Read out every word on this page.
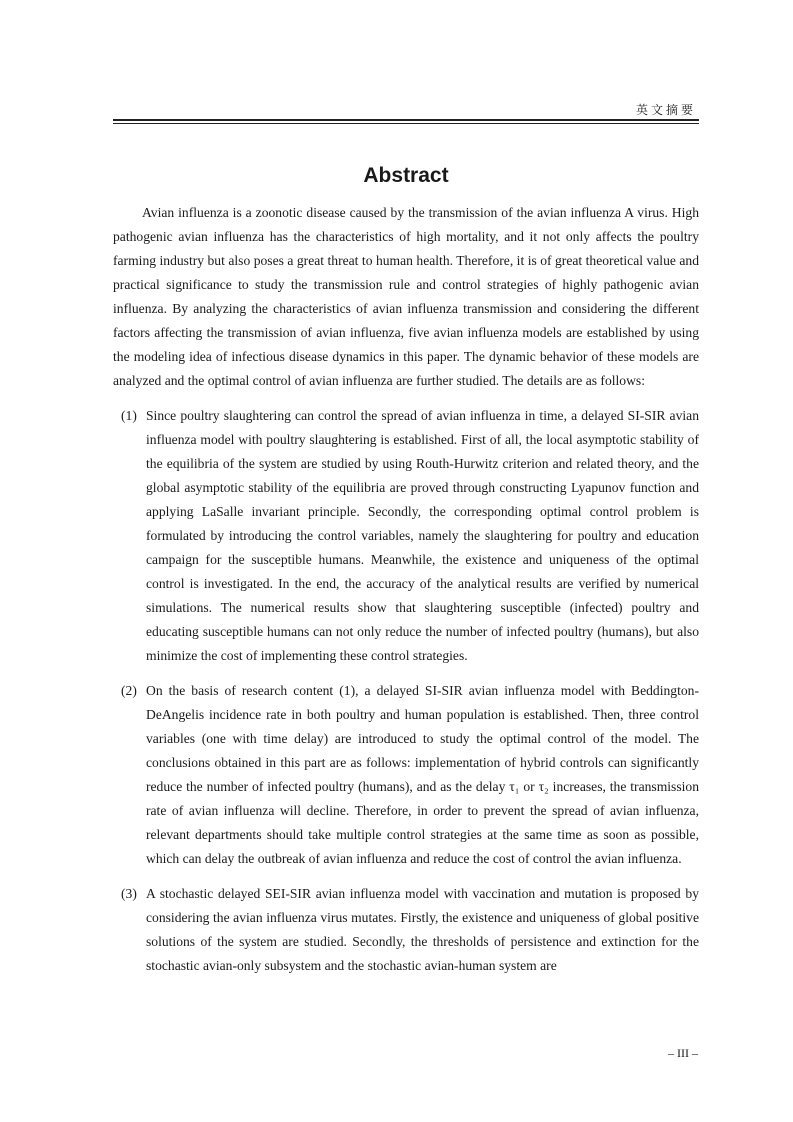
英文摘要
Abstract

Avian influenza is a zoonotic disease caused by the transmission of the avian influenza A virus. High pathogenic avian influenza has the characteristics of high mortality, and it not only affects the poultry farming industry but also poses a great threat to human health. Therefore, it is of great theoretical value and practical significance to study the transmission rule and control strategies of highly pathogenic avian influenza. By analyzing the characteristics of avian influenza transmission and considering the different factors affecting the transmission of avian influenza, five avian influenza models are established by using the modeling idea of infectious disease dynamics in this paper. The dynamic behavior of these models are analyzed and the optimal control of avian influenza are further studied. The details are as follows:

(1) Since poultry slaughtering can control the spread of avian influenza in time, a delayed SI-SIR avian influenza model with poultry slaughtering is established. First of all, the local asymptotic stability of the equilibria of the system are studied by using Routh-Hurwitz criterion and related theory, and the global asymptotic stability of the equilibria are proved through constructing Lyapunov function and applying LaSalle invariant principle. Secondly, the corresponding optimal control problem is formulated by introducing the control variables, namely the slaughtering for poultry and education campaign for the susceptible humans. Meanwhile, the existence and uniqueness of the optimal control is investigated. In the end, the accuracy of the analytical results are verified by numerical simulations. The numerical results show that slaughtering susceptible (infected) poultry and educating susceptible humans can not only reduce the number of infected poultry (humans), but also minimize the cost of implementing these control strategies.
(2) On the basis of research content (1), a delayed SI-SIR avian influenza model with Beddington-DeAngelis incidence rate in both poultry and human population is established. Then, three control variables (one with time delay) are introduced to study the optimal control of the model. The conclusions obtained in this part are as follows: implementation of hybrid controls can significantly reduce the number of infected poultry (humans), and as the delay τ₁ or τ₂ increases, the transmission rate of avian influenza will decline. Therefore, in order to prevent the spread of avian influenza, relevant departments should take multiple control strategies at the same time as soon as possible, which can delay the outbreak of avian influenza and reduce the cost of control the avian influenza.
(3) A stochastic delayed SEI-SIR avian influenza model with vaccination and mutation is proposed by considering the avian influenza virus mutates. Firstly, the existence and uniqueness of global positive solutions of the system are studied. Secondly, the thresholds of persistence and extinction for the stochastic avian-only subsystem and the stochastic avian-human system are
– III –
